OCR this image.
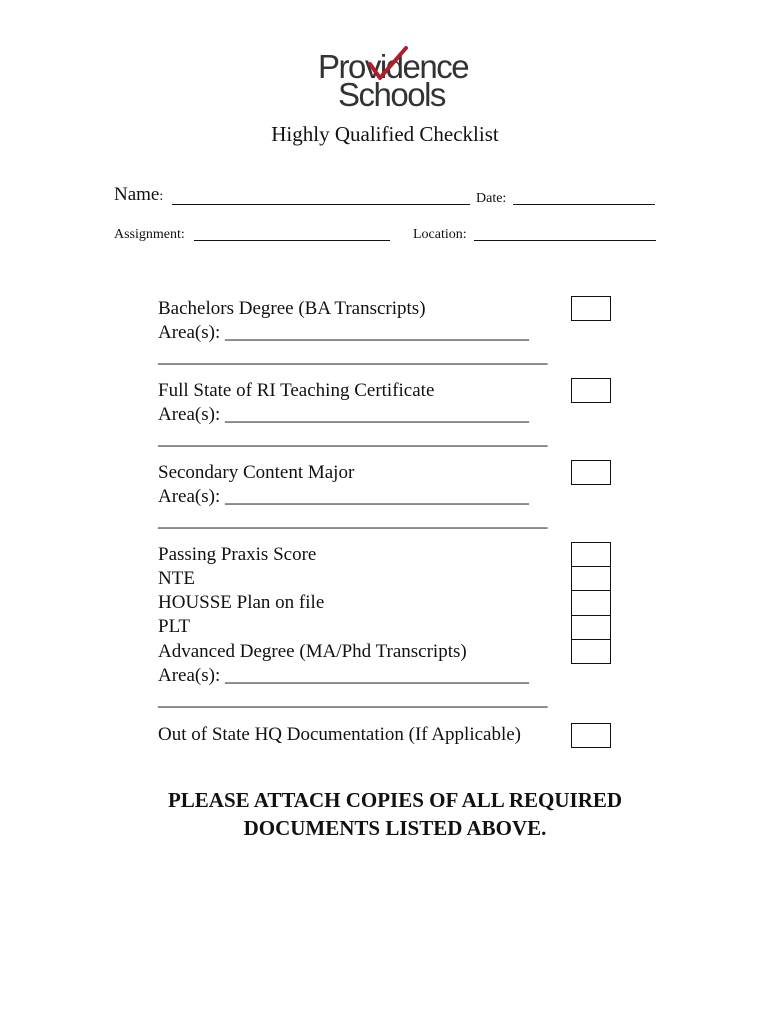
Providence
Schools
Highly Qualified Checklist
Name:	Date:
Assignment:	Location:
Bachelors Degree (BA Transcripts)
Area(s): ________________________________
_________________________________________
Full State of RI Teaching Certificate
Area(s): ________________________________
_________________________________________
Secondary Content Major
Area(s): ________________________________
_________________________________________
Passing Praxis Score
NTE
HOUSSE Plan on file
PLT
Advanced Degree (MA/Phd Transcripts)
Area(s): ________________________________
_________________________________________
Out of State HQ Documentation (If Applicable)
PLEASE ATTACH COPIES OF ALL REQUIRED
DOCUMENTS LISTED ABOVE.
